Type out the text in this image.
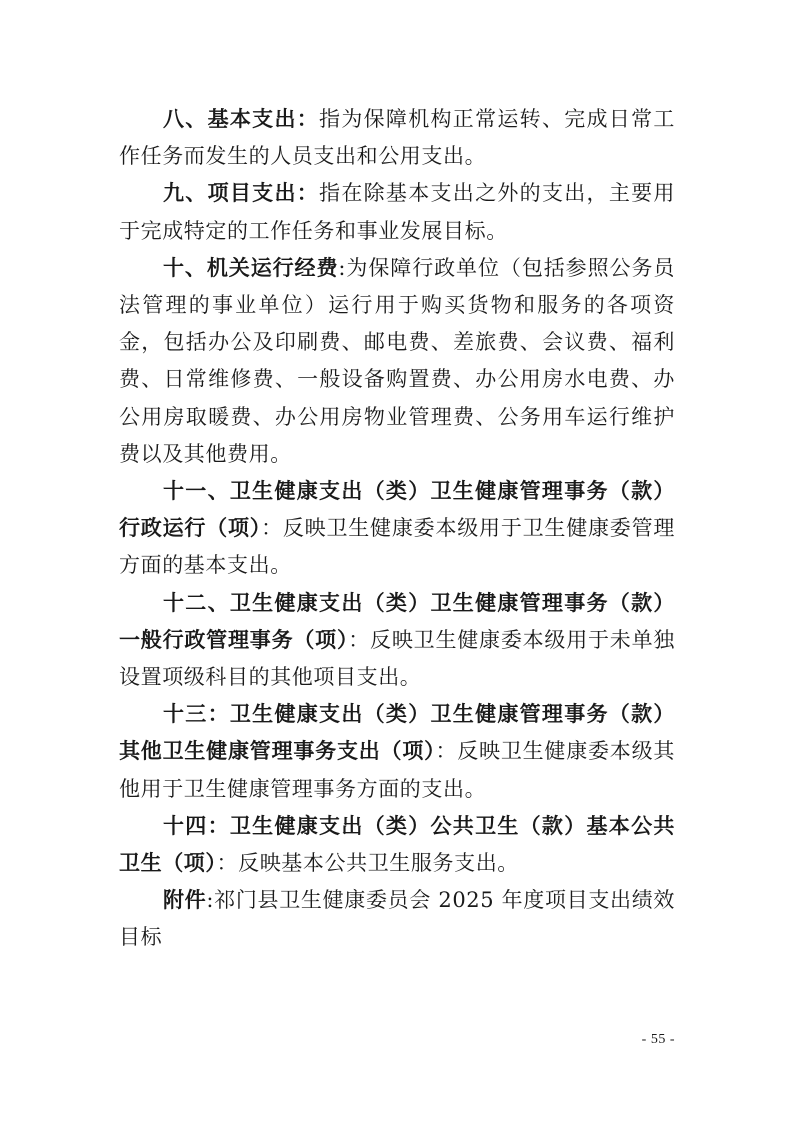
八、基本支出：指为保障机构正常运转、完成日常工作任务而发生的人员支出和公用支出。

九、项目支出：指在除基本支出之外的支出，主要用于完成特定的工作任务和事业发展目标。

十、机关运行经费:为保障行政单位（包括参照公务员法管理的事业单位）运行用于购买货物和服务的各项资金，包括办公及印刷费、邮电费、差旅费、会议费、福利费、日常维修费、一般设备购置费、办公用房水电费、办公用房取暖费、办公用房物业管理费、公务用车运行维护费以及其他费用。

十一、卫生健康支出（类）卫生健康管理事务（款）行政运行（项）：反映卫生健康委本级用于卫生健康委管理方面的基本支出。

十二、卫生健康支出（类）卫生健康管理事务（款）一般行政管理事务（项）：反映卫生健康委本级用于未单独设置项级科目的其他项目支出。

十三：卫生健康支出（类）卫生健康管理事务（款）其他卫生健康管理事务支出（项）：反映卫生健康委本级其他用于卫生健康管理事务方面的支出。

十四：卫生健康支出（类）公共卫生（款）基本公共卫生（项）：反映基本公共卫生服务支出。

附件:祁门县卫生健康委员会 2025 年度项目支出绩效目标

- 55 -
